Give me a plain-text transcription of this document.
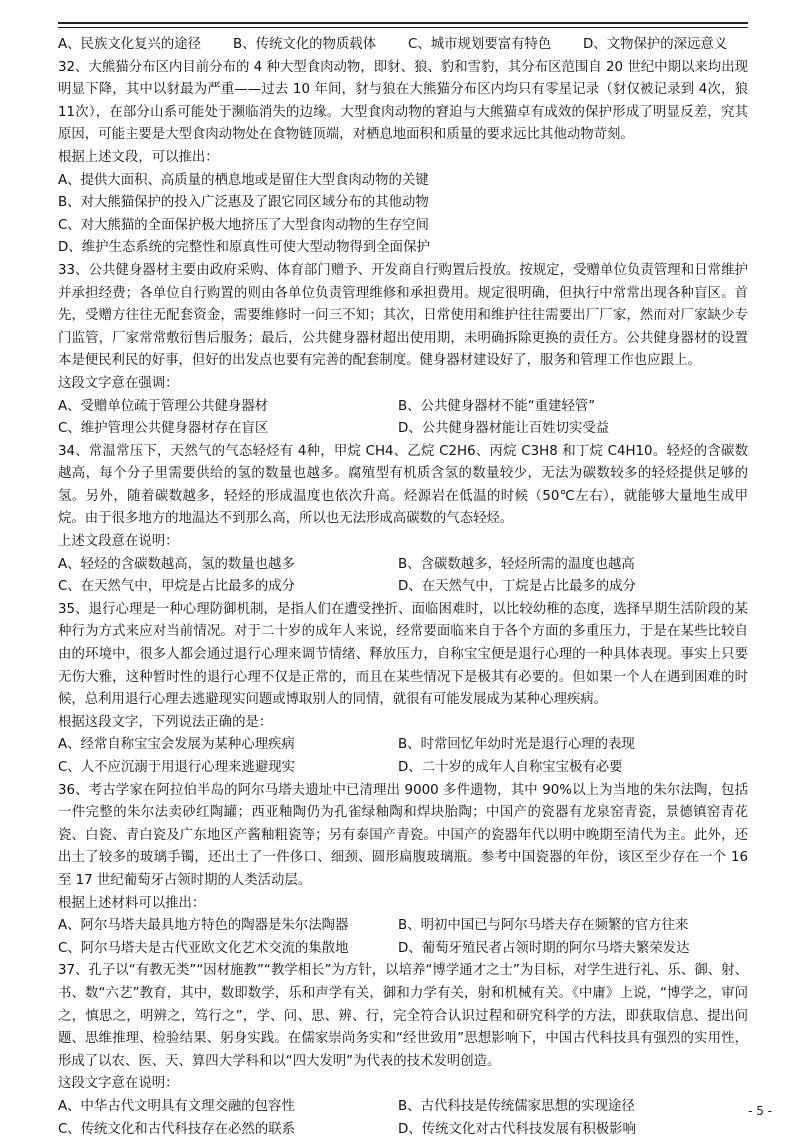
A、民族文化复兴的途径	B、传统文化的物质载体	C、城市规划要富有特色	D、文物保护的深远意义

32、大熊猫分布区内目前分布的 4 种大型食肉动物，即豺、狼、豹和雪豹，其分布区范围自 20 世纪中期以来均出现明显下降，其中以豺最为严重——过去 10 年间，豺与狼在大熊猫分布区内均只有零星记录（豺仅被记录到 4次，狼 11次），在部分山系可能处于濒临消失的边缘。大型食肉动物的窘迫与大熊猫卓有成效的保护形成了明显反差，究其原因，可能主要是大型食肉动物处在食物链顶端，对栖息地面积和质量的要求远比其他动物苛刻。

根据上述文段，可以推出：

A、提供大面积、高质量的栖息地或是留住大型食肉动物的关键
B、对大熊猫保护的投入广泛惠及了跟它同区域分布的其他动物
C、对大熊猫的全面保护极大地挤压了大型食肉动物的生存空间
D、维护生态系统的完整性和原真性可使大型动物得到全面保护

33、公共健身器材主要由政府采购、体育部门赠予、开发商自行购置后投放。按规定，受赠单位负责管理和日常维护并承担经费；各单位自行购置的则由各单位负责管理维修和承担费用。规定很明确，但执行中常常出现各种盲区。首先，受赠方往往无配套资金，需要维修时一问三不知；其次，日常使用和维护往往需要出厂厂家，然而对厂家缺少专门监管，厂家常常敷衍售后服务；最后，公共健身器材超出使用期，未明确拆除更换的责任方。公共健身器材的设置本是便民利民的好事，但好的出发点也要有完善的配套制度。健身器材建设好了，服务和管理工作也应跟上。

这段文字意在强调：

A、受赠单位疏于管理公共健身器材	B、公共健身器材不能“重建轻管”
C、维护管理公共健身器材存在盲区	D、公共健身器材能让百姓切实受益

34、常温常压下，天然气的气态轻烃有 4种，甲烷 CH4、乙烷 C2H6、丙烷 C3H8 和丁烷 C4H10。轻烃的含碳数越高，每个分子里需要供给的氢的数量也越多。腐殖型有机质含氢的数量较少，无法为碳数较多的轻烃提供足够的氢。另外，随着碳数越多，轻烃的形成温度也依次升高。烃源岩在低温的时候（50℃左右），就能够大量地生成甲烷。由于很多地方的地温达不到那么高，所以也无法形成高碳数的气态轻烃。

上述文段意在说明：

A、轻烃的含碳数越高，氢的数量也越多	B、含碳数越多，轻烃所需的温度也越高
C、在天然气中，甲烷是占比最多的成分	D、在天然气中，丁烷是占比最多的成分

35、退行心理是一种心理防御机制，是指人们在遭受挫折、面临困难时，以比较幼稚的态度，选择早期生活阶段的某种行为方式来应对当前情况。对于二十岁的成年人来说，经常要面临来自于各个方面的多重压力，于是在某些比较自由的环境中，很多人都会通过退行心理来调节情绪、释放压力，自称宝宝便是退行心理的一种具体表现。事实上只要无伤大雅，这种暂时性的退行心理不仅是正常的，而且在某些情况下是极其有必要的。但如果一个人在遇到困难的时候，总利用退行心理去逃避现实问题或博取别人的同情，就很有可能发展成为某种心理疾病。

根据这段文字，下列说法正确的是：

A、经常自称宝宝会发展为某种心理疾病	B、时常回忆年幼时光是退行心理的表现
C、人不应沉溺于用退行心理来逃避现实	D、二十岁的成年人自称宝宝极有必要

36、考古学家在阿拉伯半岛的阿尔马塔夫遗址中已清理出 9000 多件遗物，其中 90%以上为当地的朱尔法陶，包括一件完整的朱尔法卖砂红陶罐；西亚釉陶仍为孔雀绿釉陶和焊块胎陶；中国产的瓷器有龙泉窑青瓷，景德镇窑青花瓷、白瓷、青白瓷及广东地区产酱釉粗瓷等；另有泰国产青瓷。中国产的瓷器年代以明中晚期至清代为主。此外，还出土了较多的玻璃手镯，还出土了一件侈口、细颈、圆形扁腹玻璃瓶。参考中国瓷器的年份，该区至少存在一个 16 至 17 世纪葡萄牙占领时期的人类活动层。

根据上述材料可以推出：

A、阿尔马塔夫最具地方特色的陶器是朱尔法陶器	B、明初中国已与阿尔马塔夫存在频繁的官方往来
C、阿尔马塔夫是古代亚欧文化艺术交流的集散地	D、葡萄牙殖民者占领时期的阿尔马塔夫繁荣发达

37、孔子以“有教无类”“因材施教”“教学相长”为方针，以培养“博学通才之士”为目标，对学生进行礼、乐、御、射、书、数“六艺”教育，其中，数即数学，乐和声学有关，御和力学有关，射和机械有关。《中庸》上说，“博学之，审问之，慎思之，明辨之，笃行之”，学、问、思、辨、行，完全符合认识过程和研究科学的方法，即获取信息、提出问题、思维推理、检验结果、躬身实践。在儒家崇尚务实和“经世致用”思想影响下，中国古代科技具有强烈的实用性，形成了以农、医、天、算四大学科和以“四大发明”为代表的技术发明创造。

这段文字意在说明：

A、中华古代文明具有文理交融的包容性	B、古代科技是传统儒家思想的实现途径
C、传统文化和古代科技存在必然的联系	D、传统文化对古代科技发展有积极影响
- 5 -
